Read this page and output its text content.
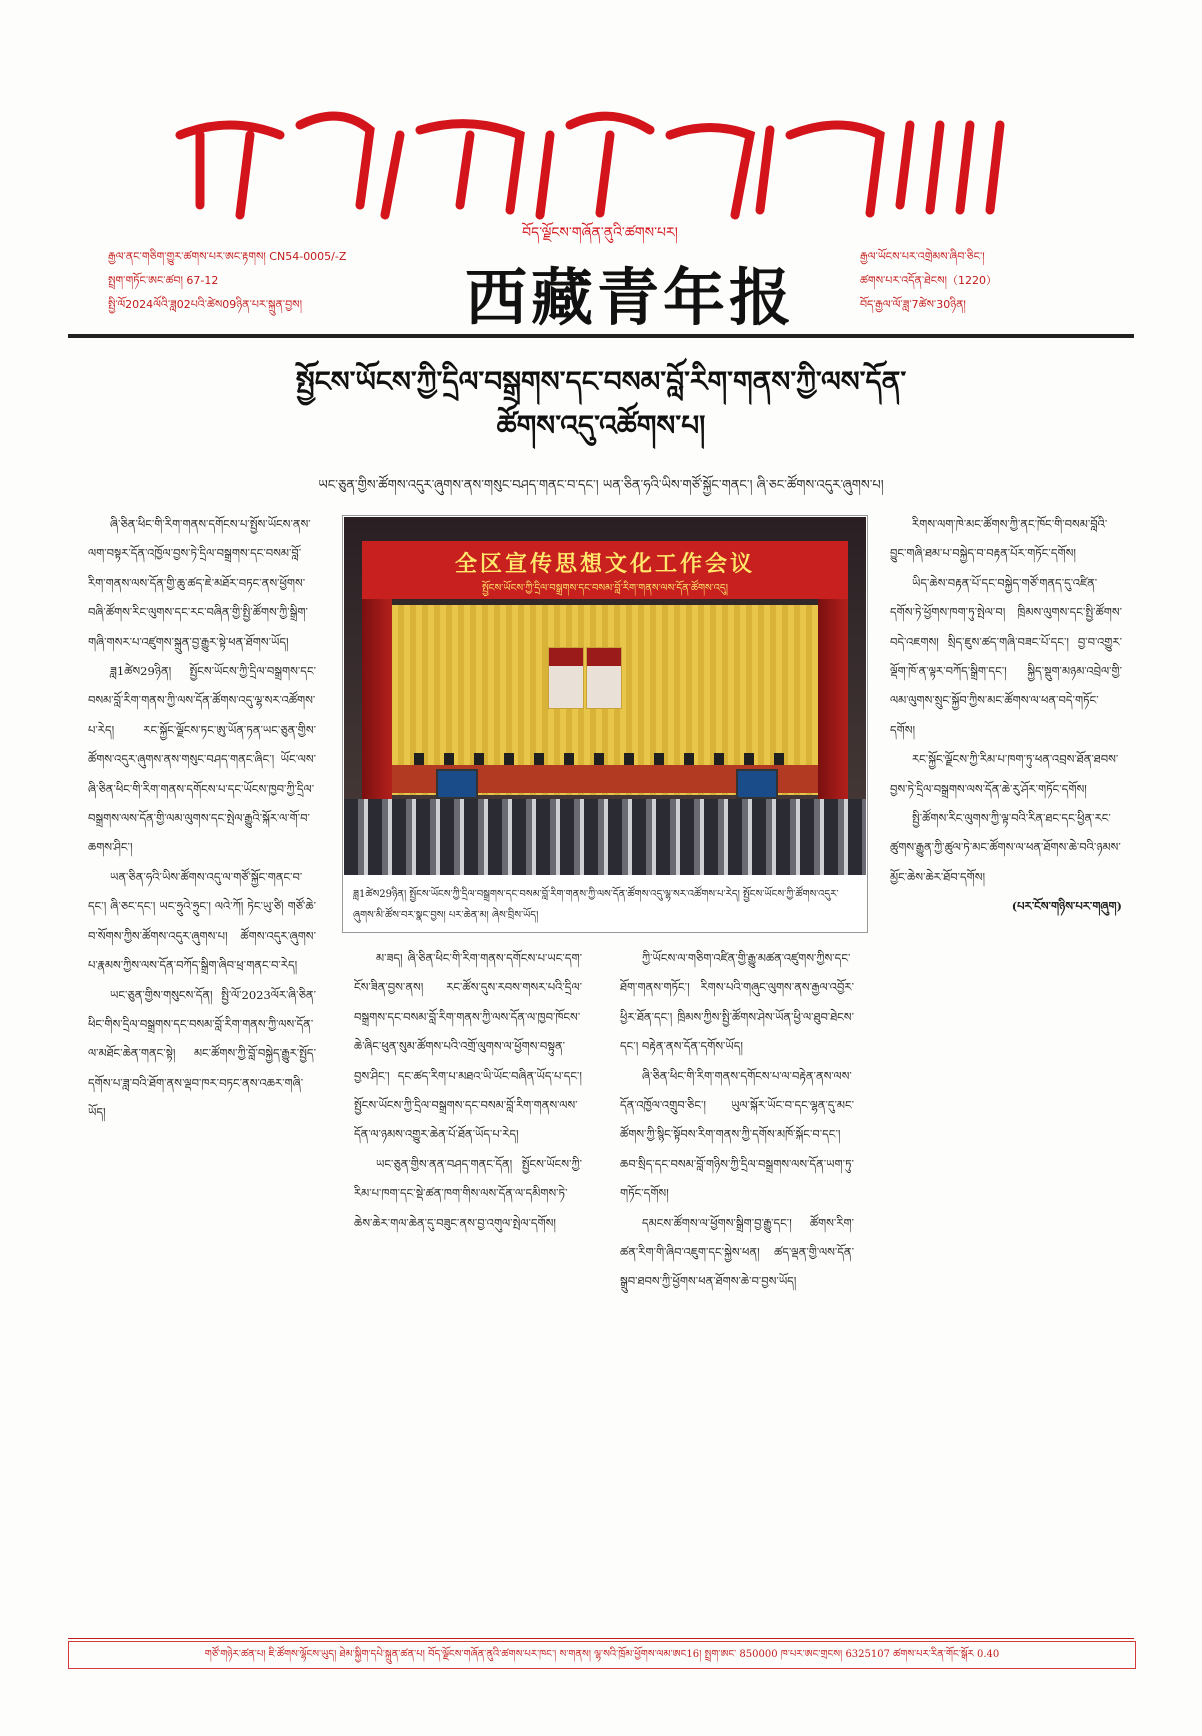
བོད་ལྗོངས་གཞོན་ནུའི་ཚགས་པར།
རྒྱལ་ནང་གཅིག་གྱུར་ཚགས་པར་ཨང་རྟགས། CN54-0005/-Z
སྤྲག་གཏོང་ཨང་ཚབ། 67-12
སྤྱི་ལོ2024ལོའི་ཟླ02པའི་ཚེས09ཉིན་པར་སྐྲུན་བྱས།	西藏青年报
རྒྱལ་ཡོངས་པར་འགྲེམས་ཞིབ་ཅིང་།
ཚགས་པར་འདོན་ཐེངས།（1220）
བོད་རྒྱལ་ལོ་ཟླ་7ཚེས་30ཉིན།
སྤྱོངས་ཡོངས་ཀྱི་དྲིལ་བསྒྲགས་དང་བསམ་བློ་རིག་གནས་ཀྱི་ལས་དོན་
ཚོགས་འདུ་འཚོགས་པ།
ཡང་ཅུན་གྱིས་ཚོགས་འདུར་ཞུགས་ནས་གསུང་བཤད་གནང་བ་དང་། ཡན་ཅིན་ཧའི་ཡིས་གཙོ་སྐྱོང་གནང་། ཞི་ཅང་ཚོགས་འདུར་ཞུགས་པ།

ཞི་ཅིན་ཕིང་གི་རིག་གནས་དགོངས་པ་སྤྱོས་ཡོངས་ནས་ལག་བསྟར་དོན་འཁྱོལ་བྱས་ཏེ་དྲིལ་བསྒྲགས་དང་བསམ་བློ་རིག་གནས་ལས་དོན་གྱི་ཆུ་ཚད་ཇེ་མཐོར་བཏང་ནས་ཕྱོགས་བཞི་ཚོགས་རིང་ལུགས་དང་རང་བཞིན་གྱི་སྤྱི་ཚོགས་ཀྱི་སྒྲིག་གཞི་གསར་པ་འཛུགས་སྐྲུན་བྱ་རྒྱུར་སྟེ་ཕན་ཐོགས་ཡོད།

ཟླ1ཚེས29ཉིན། སྤྱོངས་ཡོངས་ཀྱི་དྲིལ་བསྒྲགས་དང་བསམ་བློ་རིག་གནས་ཀྱི་ལས་དོན་ཚོགས་འདུ་ལྷ་སར་འཚོགས་པ་རེད། རང་སྐྱོང་ལྗོངས་ཏང་ཨུ་ཡོན་ཏན་ཡང་ཅུན་གྱིས་ཚོགས་འདུར་ཞུགས་ནས་གསུང་བཤད་གནང་ཞིང་། ཡོང་ལས་ཞི་ཅིན་ཕིང་གི་རིག་གནས་དགོངས་པ་དང་ཡོངས་ཁྱབ་ཀྱི་དྲིལ་བསྒྲགས་ལས་དོན་གྱི་ལམ་ལུགས་དང་སྤེལ་རྒྱུའི་སྐོར་ལ་གོ་བ་ཆགས་ཤིང་།

ཡན་ཅིན་ཧའི་ཡིས་ཚོགས་འདུ་ལ་གཙོ་སྐྱོང་གནང་བ་དང་། ཞི་ཅང་དང་། ཡང་ཧྲུའེ་ཧྲུང་། ལའེ་ཀོ། ཏེང་ཡུ་ཙི། གཙོ་ཆེ་བ་སོགས་ཀྱིས་ཚོགས་འདུར་ཞུགས་པ། ཚོགས་འདུར་ཞུགས་པ་རྣམས་ཀྱིས་ལས་དོན་བཀོད་སྒྲིག་ཞིབ་ཕྲ་གནང་བ་རེད།

ཡང་ཅུན་གྱིས་གསུངས་དོན། སྤྱི་ལོ་2023ལོར་ཞི་ཅིན་ཕིང་གིས་དྲིལ་བསྒྲགས་དང་བསམ་བློ་རིག་གནས་ཀྱི་ལས་དོན་ལ་མཐོང་ཆེན་གནང་སྟེ། མང་ཚོགས་ཀྱི་བློ་བསྐྱེད་རྒྱུར་སྤྱོད་དགོས་པ་ཟླ་བའི་ཐོག་ནས་ལྡབ་ཁར་བཏང་ནས་འཆར་གཞི་ཡོད།

全区宣传思想文化工作会议
སྤྱོངས་ཡོངས་ཀྱི་དྲིལ་བསྒྲགས་དང་བསམ་བློ་རིག་གནས་ལས་དོན་ཚོགས་འདུ།
ཟླ1ཚེས29ཉིན། སྤྱོངས་ཡོངས་ཀྱི་དྲིལ་བསྒྲགས་དང་བསམ་བློ་རིག་གནས་ཀྱི་ལས་དོན་ཚོགས་འདུ་ལྷ་སར་འཚོགས་པ་རེད། སྤྱོངས་ཡོངས་ཀྱི་ཚོགས་འདུར་ཞུགས་མི་ཚོས་བར་སྣང་བྱས། པར་ཆེན་མ། ཞེས་བྲིས་ཡོད།

མ་ཟད། ཞི་ཅིན་ཕིང་གི་རིག་གནས་དགོངས་པ་ཡང་དག་ངོས་ཟིན་བྱས་ནས། རང་ཚོས་དུས་རབས་གསར་པའི་དྲིལ་བསྒྲགས་དང་བསམ་བློ་རིག་གནས་ཀྱི་ལས་དོན་ལ་ཁྱབ་ཁོངས་ཆེ་ཞིང་ཕུན་སུམ་ཚོགས་པའི་འགྲོ་ལུགས་ལ་ཕྱོགས་བསྟུན་བྱས་ཤིང་། དང་ཚད་རིག་པ་མཐའ་ཡི་ཡོང་བཞིན་ཡོད་པ་དང་། སྤྱོངས་ཡོངས་ཀྱི་དྲིལ་བསྒྲགས་དང་བསམ་བློ་རིག་གནས་ལས་དོན་ལ་ཉམས་འགྱུར་ཆེན་པོ་ཐོན་ཡོད་པ་རེད།

ཡང་ཅུན་གྱིས་ནན་བཤད་གནང་དོན། སྤྱོངས་ཡོངས་ཀྱི་རིམ་པ་ཁག་དང་སྡེ་ཚན་ཁག་གིས་ལས་དོན་ལ་དམིགས་ཏེ་ཆེས་ཆེར་གལ་ཆེན་དུ་བཟུང་ནས་བྱ་འགུལ་སྤེལ་དགོས།

ཀྱི་ཡོངས་ལ་གཅིག་འཛིན་གྱི་རྒྱུ་མཚན་འཛུགས་ཀྱིས་དང་ཐོག་གནས་གཏོང་། རིགས་པའི་གཞུང་ལུགས་ནས་རྒྱལ་འབྱོར་ཕྱིར་ཐོན་དང་། ཁྲིམས་ཀྱིས་སྤྱི་ཚོགས་ཤེས་ཡོན་ཕྱི་ལ་ཐུབ་ཐེངས་དང་། བརྟེན་ནས་དོན་དགོས་ཡོད།

ཞི་ཅིན་ཕིང་གི་རིག་གནས་དགོངས་པ་ལ་བརྟེན་ནས་ལས་དོན་འཁྱོལ་འགྲུབ་ཅིང་། ཡུལ་སྐོར་ཡོང་བ་དང་ལྷན་དུ་མང་ཚོགས་ཀྱི་སྙིང་སྟོབས་རིག་གནས་ཀྱི་དགོས་མཁོ་སྐོང་བ་དང་། ཆབ་སྲིད་དང་བསམ་བློ་གཉིས་ཀྱི་དྲིལ་བསྒྲགས་ལས་དོན་ཡག་ཏུ་གཏོང་དགོས།

དམངས་ཚོགས་ལ་ཕྱོགས་སྒྲིག་བྱ་རྒྱུ་དང་། ཚོགས་རིག་ཚན་རིག་གི་ཞིབ་འཇུག་དང་སྐྱེས་ཕན། ཚད་ལྡན་གྱི་ལས་དོན་སྒྲུབ་ཐབས་ཀྱི་ཕྱོགས་ཕན་ཐོགས་ཆེ་བ་བྱས་ཡོད།

རིགས་ལག་ཁེ་མང་ཚོགས་ཀྱི་ནང་ཁོང་གི་བསམ་བློའི་བྱུང་གཞི་ཐམ་པ་བསྐྱེད་བ་བརྟན་པོར་གཏོང་དགོས།

ཡིད་ཆེས་བརྟན་པོ་དང་བསྐྱེད་གཙོ་གནད་དུ་འཛིན་དགོས་ཏེ་ཕྱོགས་ཁག་ཏུ་སྤེལ་བ། ཁྲིམས་ལུགས་དང་སྤྱི་ཚོགས་བདེ་འཇགས། སྲིད་ཇུས་ཚད་གཞི་བཟང་པོ་དང་། བྱ་བ་འགྱུར་ལྡོག་ཁོ་ན་ལྟར་བཀོད་སྒྲིག་དང་། སྐྱིད་སྡུག་མཉམ་འབྲེལ་གྱི་ལམ་ལུགས་སྲུང་སྐྱོབ་ཀྱིས་མང་ཚོགས་ལ་ཕན་བདེ་གཏོང་དགོས།

རང་སྐྱོང་ལྗོངས་ཀྱི་རིམ་པ་ཁག་ཏུ་ཕན་འབྲས་ཐོན་ཐབས་བྱས་ཏེ་དྲིལ་བསྒྲགས་ལས་དོན་ཆེ་རུ་ཤོར་གཏོང་དགོས།

སྤྱི་ཚོགས་རིང་ལུགས་ཀྱི་ལྟ་བའི་རིན་ཐང་དང་ཕྱིན་རང་ཚུགས་རྒྱུན་ཀྱི་ཚུལ་ཏེ་མང་ཚོགས་ལ་ཕན་ཐོགས་ཆེ་བའི་ཉམས་མྱོང་ཆེས་ཆེར་ཐོབ་དགོས།

(པར་ངོས་གཉིས་པར་གཞུག)
གཙོ་གཉེར་ཚན་པ། ཇི་ཚོགས་ལྷོངས་ཡུད། ཐེམ་སྐྱིག་དཔེ་སྐྲུན་ཚན་པ། བོད་ལྗོངས་གཞོན་ནུའི་ཚགས་པར་ཁང་། ས་གནས། ལྷ་སའི་ཁྲོམ་ཕྱོགས་ལམ་ཨང16། སྤྲག་ཨང་ 850000 ཁ་པར་ཨང་གྲངས། 6325107 ཚགས་པར་རིན་གོང་སྒོར 0.40
